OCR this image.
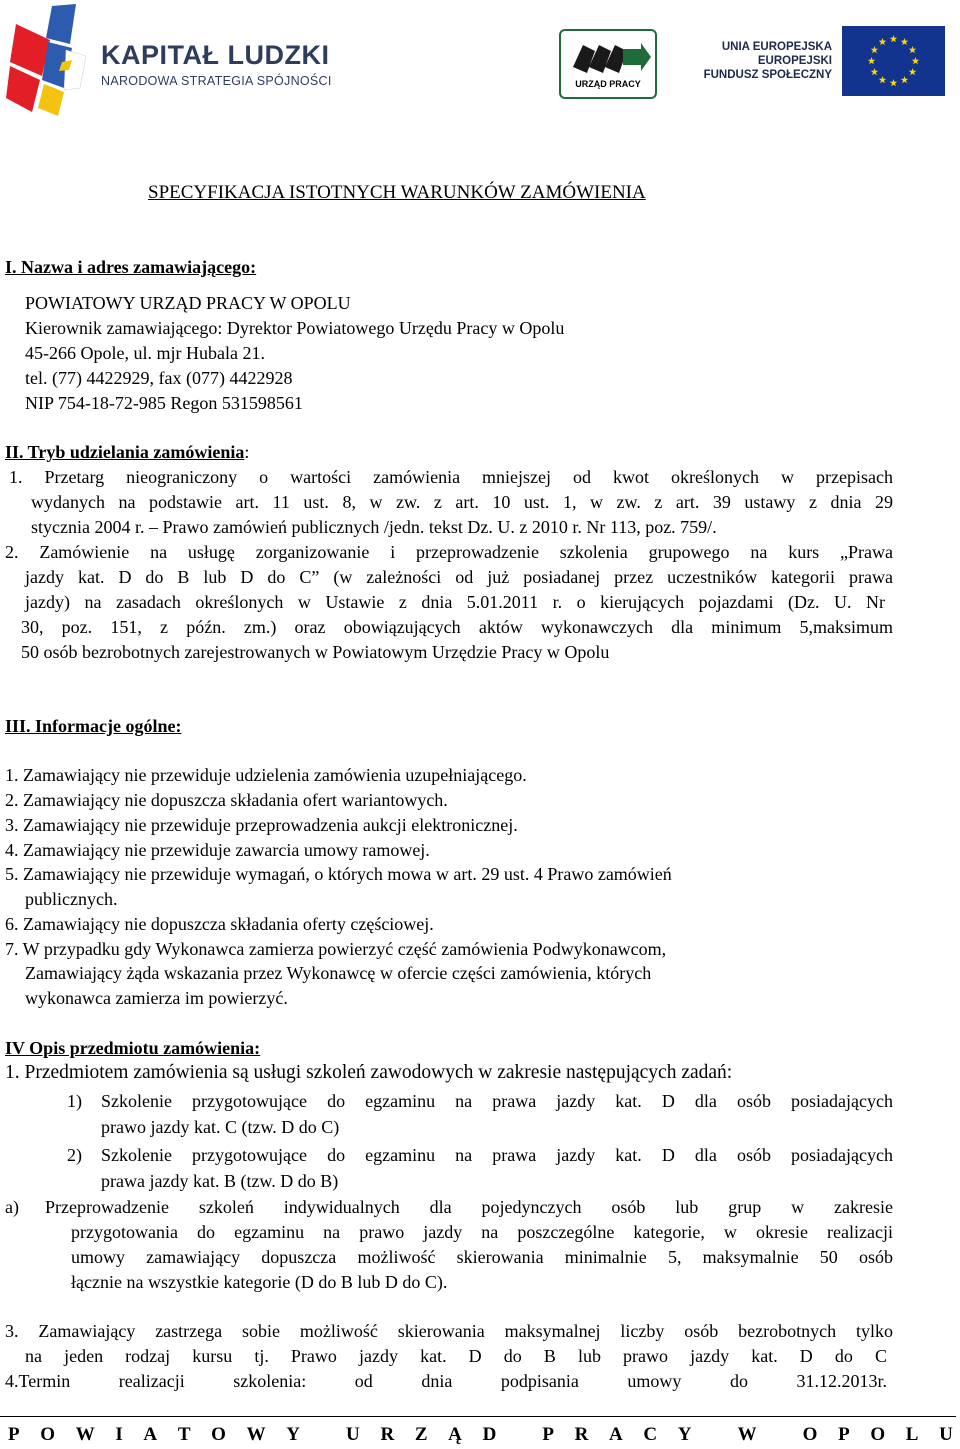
KAPITAŁ LUDZKI
NARODOWA STRATEGIA SPÓJNOŚCI	URZĄD PRACY
UNIA EUROPEJSKA
EUROPEJSKI
FUNDUSZ SPOŁECZNY
SPECYFIKACJA ISTOTNYCH WARUNKÓW ZAMÓWIENIA
I. Nazwa i adres zamawiającego:
POWIATOWY URZĄD PRACY W OPOLU
Kierownik zamawiającego: Dyrektor Powiatowego Urzędu Pracy w Opolu
45-266 Opole, ul. mjr Hubala 21.
tel. (77) 4422929, fax (077) 4422928
NIP 754-18-72-985 Regon 531598561
II. Tryb udzielania zamówienia:
1. Przetarg nieograniczony o wartości zamówienia mniejszej od kwot określonych w przepisach
wydanych na podstawie art. 11 ust. 8, w zw. z art. 10 ust. 1, w zw. z art. 39 ustawy z dnia 29
stycznia 2004 r. – Prawo zamówień publicznych /jedn. tekst Dz. U. z 2010 r. Nr 113, poz. 759/.
2. Zamówienie na usługę zorganizowanie i przeprowadzenie szkolenia grupowego na kurs „Prawa
jazdy kat. D do B lub D do C” (w zależności od już posiadanej przez uczestników kategorii prawa
jazdy) na zasadach określonych w Ustawie z dnia 5.01.2011 r. o kierujących pojazdami (Dz. U. Nr
30, poz. 151, z późn. zm.) oraz obowiązujących aktów wykonawczych dla minimum 5,maksimum
50 osób bezrobotnych zarejestrowanych w Powiatowym Urzędzie Pracy w Opolu
III. Informacje ogólne:
1. Zamawiający nie przewiduje udzielenia zamówienia uzupełniającego.
2. Zamawiający nie dopuszcza składania ofert wariantowych.
3. Zamawiający nie przewiduje przeprowadzenia aukcji elektronicznej.
4. Zamawiający nie przewiduje zawarcia umowy ramowej.
5. Zamawiający nie przewiduje wymagań, o których mowa w art. 29 ust. 4 Prawo zamówień
publicznych.
6. Zamawiający nie dopuszcza składania oferty częściowej.
7. W przypadku gdy Wykonawca zamierza powierzyć część zamówienia Podwykonawcom,
Zamawiający żąda wskazania przez Wykonawcę w ofercie części zamówienia, których
wykonawca zamierza im powierzyć.
IV Opis przedmiotu zamówienia:
1. Przedmiotem zamówienia są usługi szkoleń zawodowych w zakresie następujących zadań:
1) Szkolenie przygotowujące do egzaminu na prawa jazdy kat. D dla osób posiadających
prawo jazdy kat. C (tzw. D do C)
2) Szkolenie przygotowujące do egzaminu na prawa jazdy kat. D dla osób posiadających
prawa jazdy kat. B (tzw. D do B)
a) Przeprowadzenie szkoleń indywidualnych dla pojedynczych osób lub grup w zakresie
przygotowania do egzaminu na prawo jazdy na poszczególne kategorie, w okresie realizacji
umowy zamawiający dopuszcza możliwość skierowania minimalnie 5, maksymalnie 50 osób
łącznie na wszystkie kategorie (D do B lub D do C).
3. Zamawiający zastrzega sobie możliwość skierowania maksymalnej liczby osób bezrobotnych tylko
na jeden rodzaj kursu tj. Prawo jazdy kat. D do B lub prawo jazdy kat. D do C
4.Termin realizacji szkolenia: od dnia podpisania umowy do 31.12.2013r.
P O W I A T O W Y
U R Z Ą D
P R A C Y
W
O P O L U
